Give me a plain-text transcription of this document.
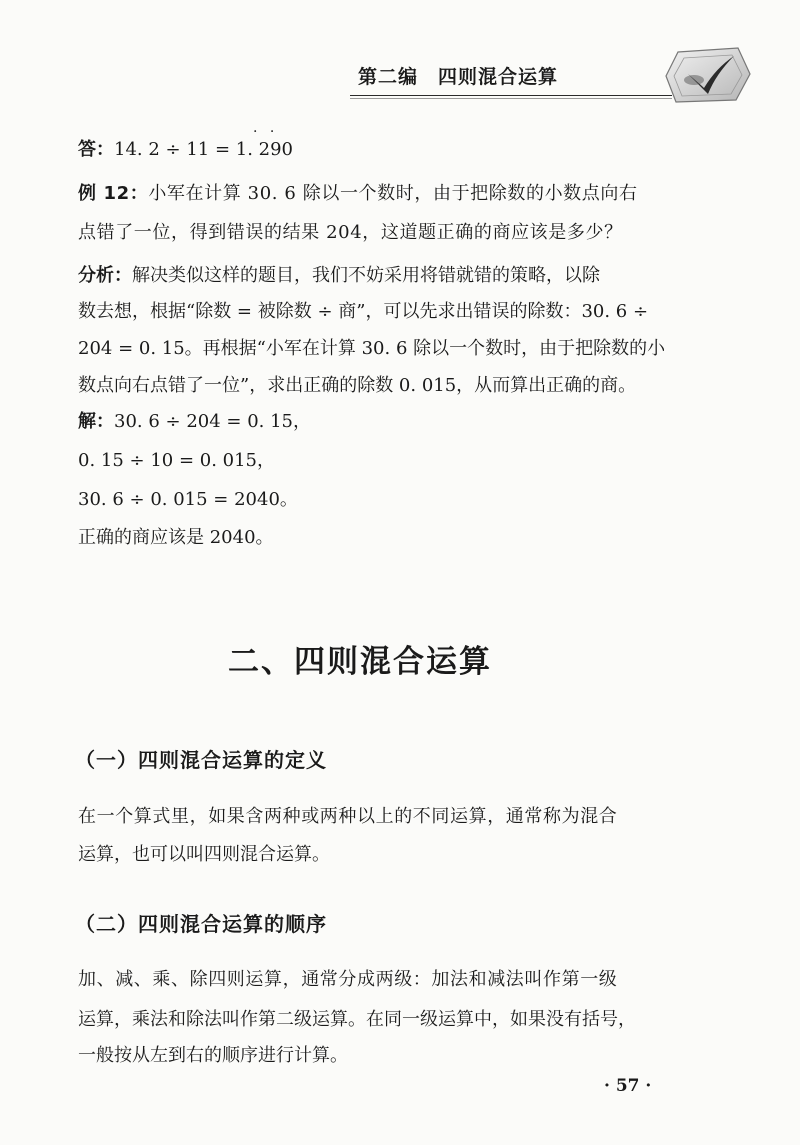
第二编 四则混合运算
· ·
答：14. 2 ÷ 11 = 1. 290
例 12：小军在计算 30. 6 除以一个数时，由于把除数的小数点向右
点错了一位，得到错误的结果 204，这道题正确的商应该是多少？
分析：解决类似这样的题目，我们不妨采用将错就错的策略，以除
数去想，根据“除数 = 被除数 ÷ 商”，可以先求出错误的除数：30. 6 ÷
204 = 0. 15。再根据“小军在计算 30. 6 除以一个数时，由于把除数的小
数点向右点错了一位”，求出正确的除数 0. 015，从而算出正确的商。
解：30. 6 ÷ 204 = 0. 15，
0. 15 ÷ 10 = 0. 015，
30. 6 ÷ 0. 015 = 2040。
正确的商应该是 2040。
二、四则混合运算
（一）四则混合运算的定义
在一个算式里，如果含两种或两种以上的不同运算，通常称为混合
运算，也可以叫四则混合运算。
（二）四则混合运算的顺序
加、减、乘、除四则运算，通常分成两级：加法和减法叫作第一级
运算，乘法和除法叫作第二级运算。在同一级运算中，如果没有括号，
一般按从左到右的顺序进行计算。
· 57 ·
